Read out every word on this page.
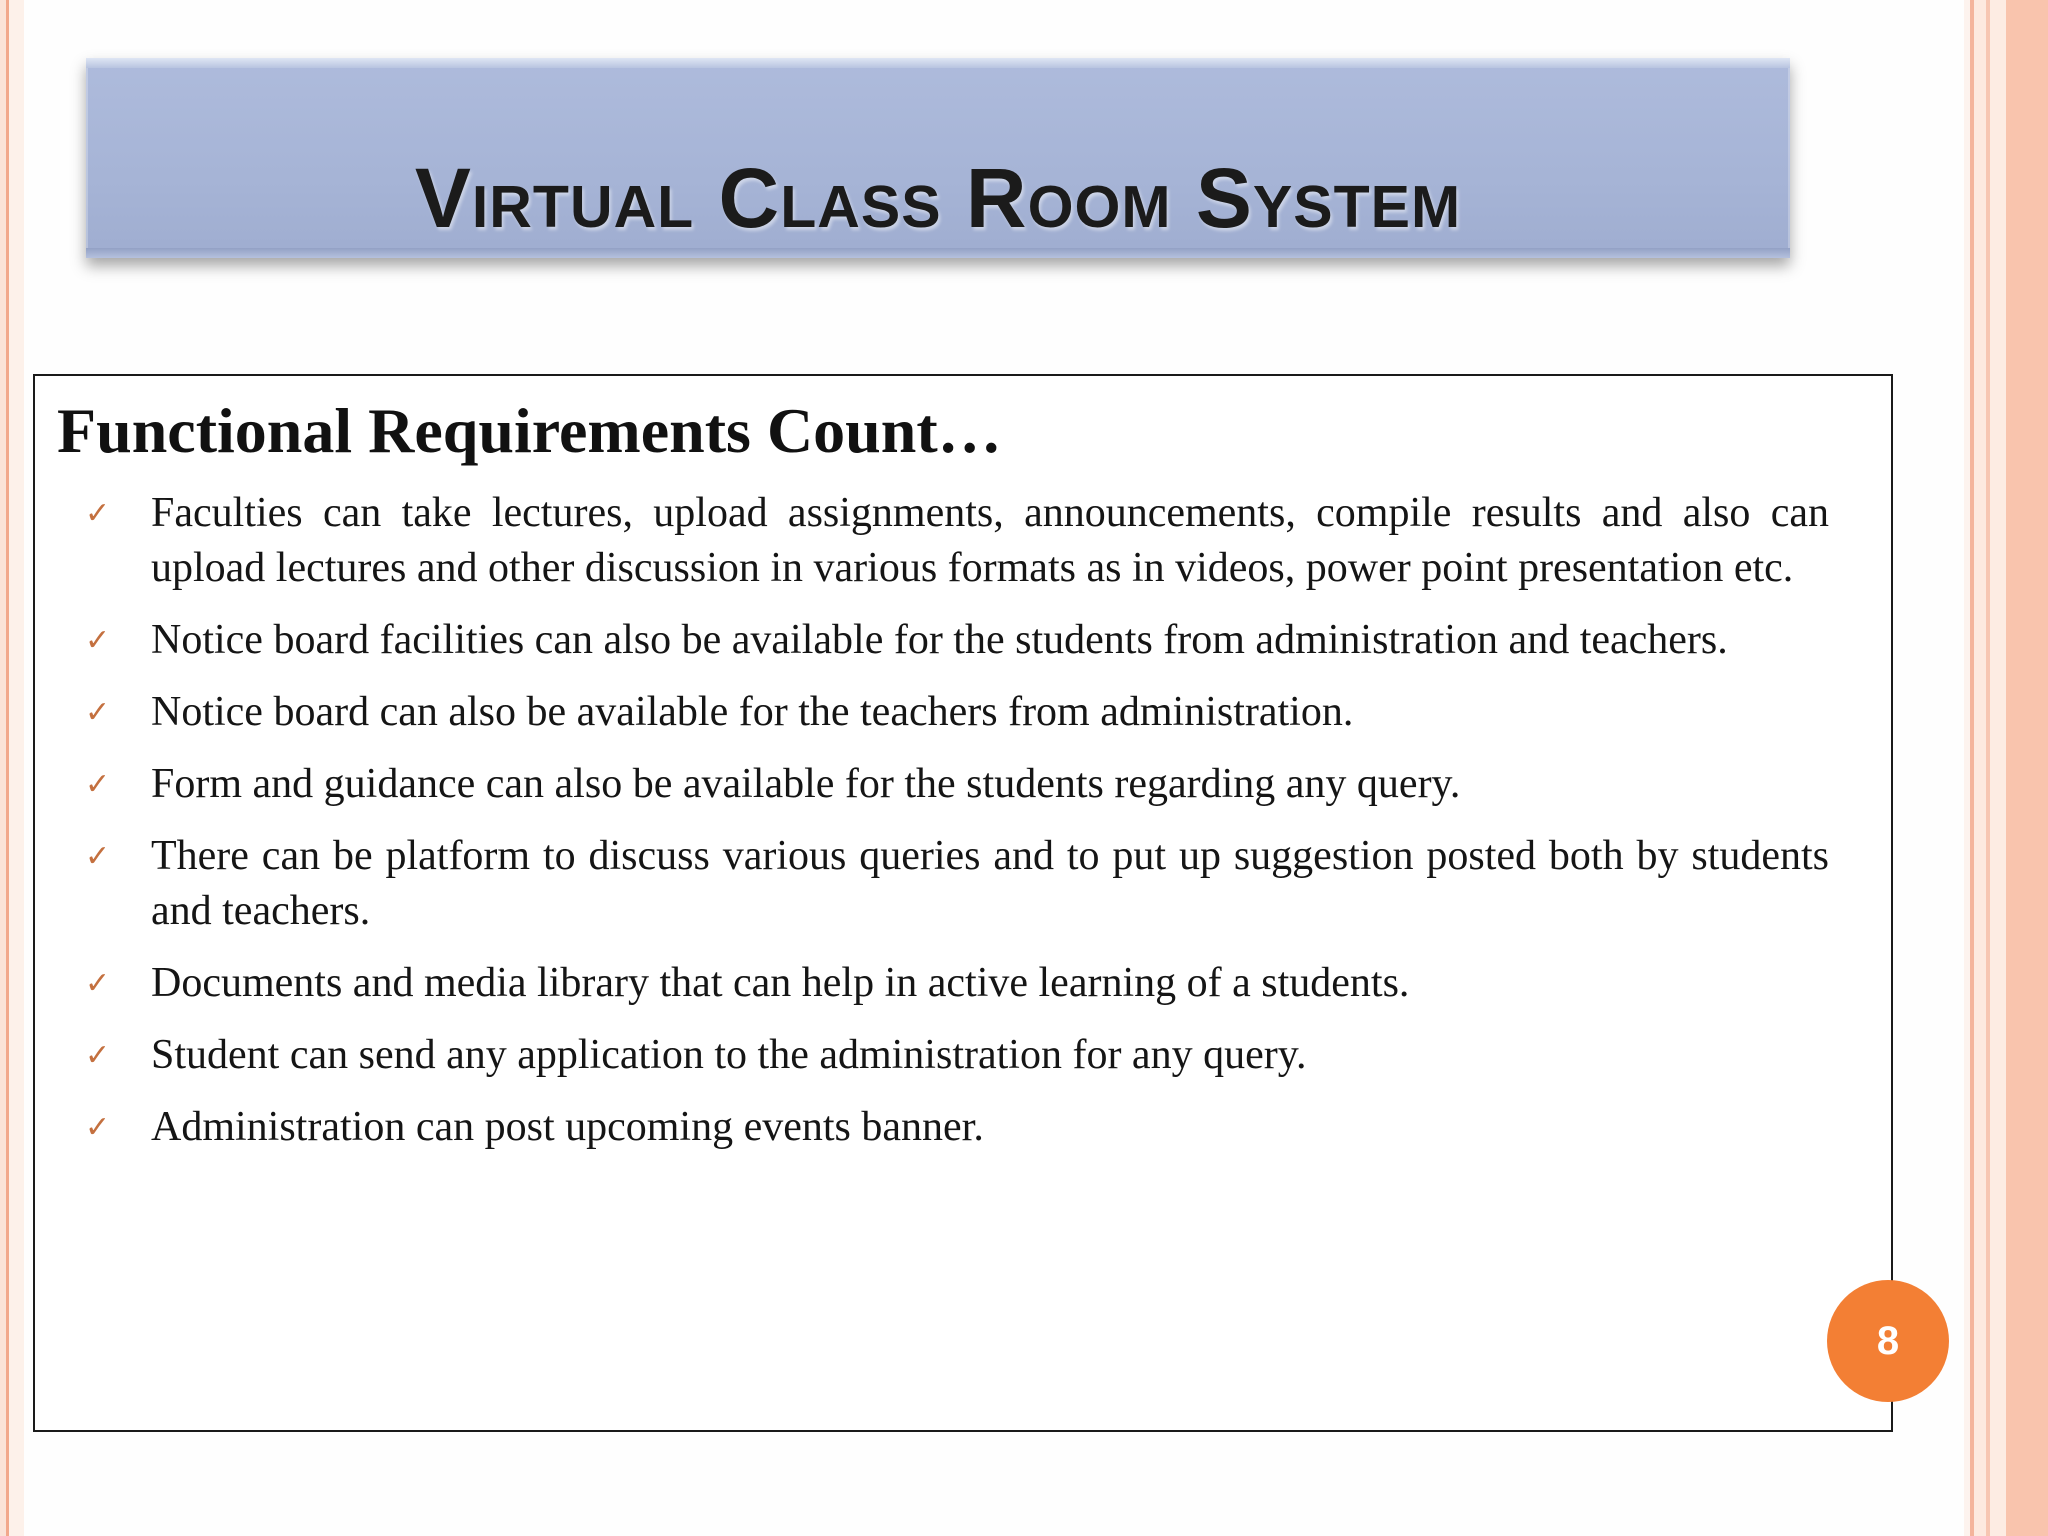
Virtual Class Room System
Functional Requirements Count…
✓ Faculties can take lectures, upload assignments, announcements, compile results and also can upload lectures and other discussion in various formats as in videos, power point presentation etc.
✓ Notice board facilities can also be available for the students from administration and teachers.
✓ Notice board can also be available for the teachers from administration.
✓ Form and guidance can also be available for the students regarding any query.
✓ There can be platform to discuss various queries and to put up suggestion posted both by students and teachers.
✓ Documents and media library that can help in active learning of a students.
✓ Student can send any application to the administration for any query.
✓ Administration can post upcoming events banner.
8
